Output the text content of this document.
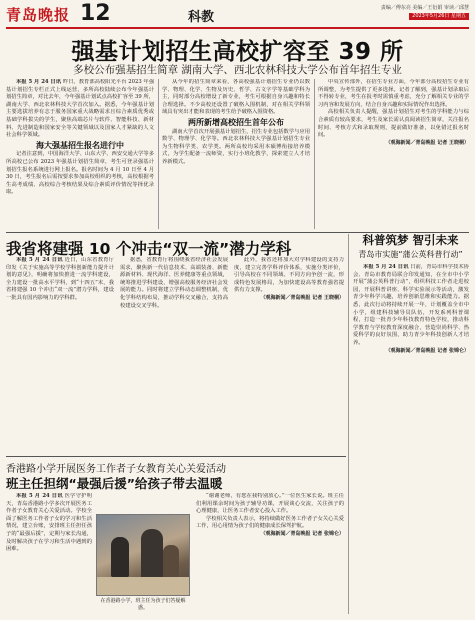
青岛晚报 12	科教
责编／傅东亮 美编／王衍娟 审读／邱慧
2023年5月26日 星期五
强基计划招生高校扩容至 39 所
多校公布强基招生简章 湖南大学、西北农林科技大学公布首年招生专业

本报 5 月 24 日讯 昨日，教育部高校阳光平台 2023 年强基计划招生专栏正式上线运营，多所高校陆续公布今年强基计划招生简章，对比去年，今年强基计划试点高校扩容至 39 所，湖南大学、西北农林科技大学首次加入。据悉，今年强基计划主要选拔培养有志于服务国家重大战略需求且综合素质优秀或基础学科拔尖的学生，聚焦高端芯片与软件、智能科技、新材料、先进制造和国家安全等关键领域以及国家人才紧缺的人文社会科学领域。

海大强基招生报名进行中

记者注意到，中国海洋大学、山东大学、西安交通大学等多所高校已公布 2023 年强基计划招生简章，考生可登录强基计划招生报名系统进行网上报名。报名时间为 4 月 10 日至 4 月 30 日，考生报名后需按要求参加高校组织的考核，高校根据考生高考成绩、高校综合考核结果及综合素质评价情况等择优录取。

从今年的招生简章来看，各高校强基计划招生专业仍以数学、物理、化学、生物及历史、哲学、古文字学等基础学科为主，同时部分高校增设了新专业，考生可根据自身兴趣和特长合理选择。不少高校还设置了破格入围机制，对在相关学科领域具有突出才能和表现的考生给予破格入围资格。

两所新增高校招生首年公布

湖南大学首次开展强基计划招生，招生专业包括数学与应用数学、物理学、化学等。西北农林科技大学强基计划招生专业为生物科学类、农学类。两所高校均采用本硕博衔接培养模式，为学生配备一流师资，实行小班化教学，探索建立人才培养新模式。

中央宣传部外，在招生专业方面，今年部分高校招生专业有所调整，为考生提供了更多选择。记者了解到，强基计划录取后不得转专业，考生在报考时需慎重考虑，充分了解相关专业的学习内容和发展方向，结合自身兴趣和实际情况作出选择。

高校相关负责人提醒，强基计划招生对考生的学科能力与综合素质有较高要求，考生及家长需认真阅读招生简章，关注报名时间、考核方式和录取规则，提前做好准备，以免错过报名时间。

（观海新闻／青岛晚报 记者 王晓桐）

我省将建强 10 个冲击“双一流”潜力学科

本报 5 月 24 日讯 近日，山东省教育厅印发《关于实施高等学校学科创新能力提升计划的意见》，明确将加快推进一流学科建设，全力建设一批高水平学科，到“十四五”末，我省将建强 10 个冲击“双一流”潜力学科，建设一批具有国内影响力的学科群。

据悉，省教育厅将围绕我省经济社会发展需求，聚焦新一代信息技术、高端装备、新能源新材料、现代海洋、医养健康等重点领域，统筹推进学科建设，增强高校服务经济社会发展的能力。同时将建立学科动态调整机制，优化学科结构布局，推动学科交叉融合，支持高校建设交叉学科。

此外，我省还将加大对学科建设的支持力度，建立完善学科评价体系，实施分类评价，引导高校在不同领域、不同方向争创一流，形成特色发展格局，为加快建设高等教育强省提供有力支撑。

（观海新闻／青岛晚报 记者 王晓桐）

科普筑梦 智引未来
青岛市实施“蒲公英科普行动”

本报 5 月 24 日讯 日前，青岛市科学技术协会、青岛市教育局联合印发通知，在全市中小学开展“蒲公英科普行动”，组织科技工作者走进校园，开展科普讲座、科学实验展示等活动，激发青少年科学兴趣，培养创新思维和实践能力。据悉，此次行动将持续开展一年，计划覆盖全市中小学，组建科技辅导员队伍，开发系列科普课程，打造一批青少年科技教育特色学校，推动科学教育与学校教育深度融合，营造崇尚科学、热爱科学的良好氛围，助力青少年科技创新人才培养。

（观海新闻／青岛晚报 记者 张锦仑）

香港路小学开展医务工作者子女教育关心关爱活动
班主任担纲“最强后援”给孩子带去温暖

本报 5 月 24 日讯 医学守护明天，青岛香港路小学多次开展医务工作者子女教育关心关爱活动。学校全面了解医务工作者子女的学习和生活情况，建立台账，安排班主任担任孩子的“最强后援”，定期与家长沟通，及时解决孩子在学习和生活中遇到的困难。

在香港路小学，班主任为孩子们答疑解惑。

“谢谢老师，有您在我特别放心。”一位医生家长说。班主任们利用课余时间为孩子辅导功课，开展谈心交流，关注孩子的心理健康，让医务工作者安心投入工作。

学校相关负责人表示，将持续做好医务工作者子女关心关爱工作，用心用情为孩子们的健康成长保驾护航。

（观海新闻／青岛晚报 记者 张锦仑）
